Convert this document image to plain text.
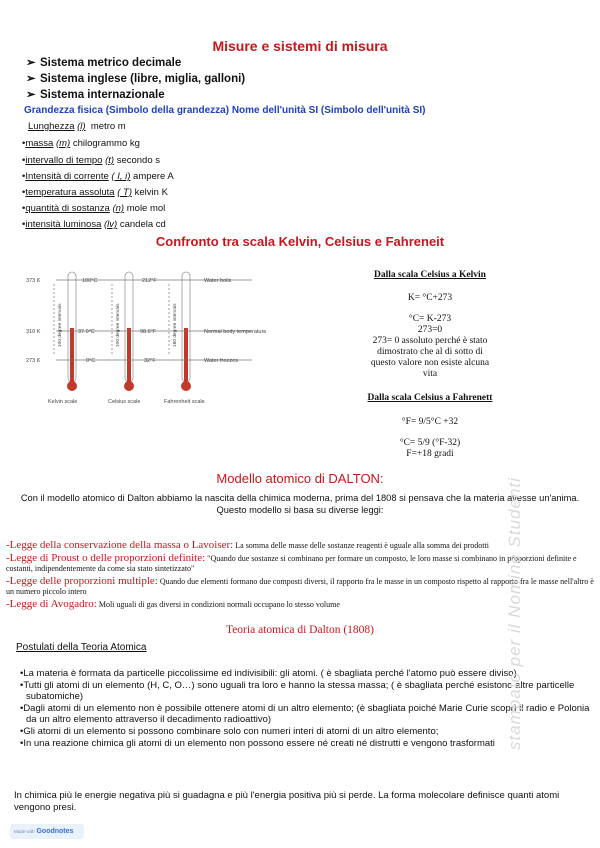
Misure e sistemi di misura
➢ Sistema metrico decimale
➢ Sistema inglese (libre, miglia, galloni)
➢ Sistema internazionale
Grandezza fisica (Simbolo della grandezza) Nome dell'unità SI (Simbolo dell'unità SI)
Lunghezza (l) metro m
•massa (m) chilogrammo kg
•intervallo di tempo (t) secondo s
•Intensità di corrente ( I, i) ampere A
•temperatura assoluta ( T) kelvin K
•quantità di sostanza (n) mole mol
•intensità luminosa (lv) candela cd
Confronto tra scala Kelvin, Celsius e Fahreneit
373 K
310 K
273 K
100°C
37.0°C
0°C
212°F
98.6°F
32°F
Water boils
Normal body temperature
Water freezes
Kelvin scale	Celsius scale	Fahrenheit scale
100 degree intervals	100 degree intervals	180 degree intervals
Dalla scala Celsius a Kelvin
K= °C+273
°C= K-273
273=0
273= 0 assoluto perché è stato
dimostrato che al di sotto di
questo valore non esiste alcuna
vita
Dalla scala Celsius a Fahrenett
°F= 9/5°C +32
°C= 5/9 (°F-32)
F=+18 gradi
Modello atomico di DALTON:
Con il modello atomico di Dalton abbiamo la nascita della chimica moderna, prima del 1808 si pensava che la materia avesse un'anima.
Questo modello si basa su diverse leggi:
-Legge della conservazione della massa o Lavoiser: La somma delle masse delle sostanze reagenti è uguale alla somma dei prodotti
-Legge di Proust o delle proporzioni definite: "Quando due sostanze si combinano per formare un composto, le loro masse si combinano in proporzioni definite e costanti, indipendentemente da come sia stato sintetizzato"
-Legge delle proporzioni multiple: Quando due elementi formano due composti diversi, il rapporto fra le masse in un composto rispetto al rapporto fra le masse nell'altro è un numero piccolo intero
-Legge di Avogadro: Moli uguali di gas diversi in condizioni normali occupano lo stesso volume
Teoria atomica di Dalton (1808)
Postulati della Teoria Atomica
•La materia è formata da particelle piccolissime ed indivisibili: gli atomi. ( è sbagliata perché l'atomo può essere diviso)
•Tutti gli atomi di un elemento (H, C, O…) sono uguali tra loro e hanno la stessa massa; ( è sbagliata perché esistono altre particelle subatomiche)
•Dagli atomi di un elemento non è possibile ottenere atomi di un altro elemento; (è sbagliata poiché Marie Curie scoprì il radio e Polonia da un altro elemento attraverso il decadimento radioattivo)
•Gli atomi di un elemento si possono combinare solo con numeri interi di atomi di un altro elemento;
•In una reazione chimica gli atomi di un elemento non possono essere né creati né distrutti e vengono trasformati
In chimica più le energie negativa più si guadagna e più l'energia positiva più si perde. La forma molecolare definisce quanti atomi vengono presi.
stampato per il Nomine Studenti
Made with Goodnotes
